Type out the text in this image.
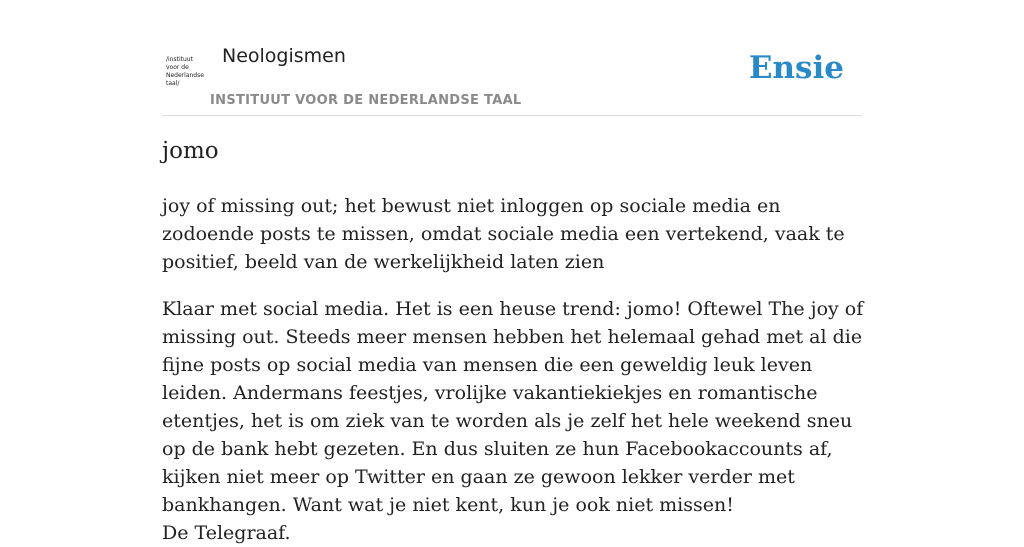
/instituut
voor de
Nederlandse
taal/
Neologismen
INSTITUUT VOOR DE NEDERLANDSE TAAL
Ensie
jomo

joy of missing out; het bewust niet inloggen op sociale media en zodoende posts te missen, omdat sociale media een vertekend, vaak te positief, beeld van de werkelijkheid laten zien

Klaar met social media. Het is een heuse trend: jomo! Oftewel The joy of missing out. Steeds meer mensen hebben het helemaal gehad met al die fijne posts op social media van mensen die een geweldig leuk leven leiden. Andermans feestjes, vrolijke vakantiekiekjes en romantische etentjes, het is om ziek van te worden als je zelf het hele weekend sneu op de bank hebt gezeten. En dus sluiten ze hun Facebookaccounts af, kijken niet meer op Twitter en gaan ze gewoon lekker verder met bankhangen. Want wat je niet kent, kun je ook niet missen!
De Telegraaf.
